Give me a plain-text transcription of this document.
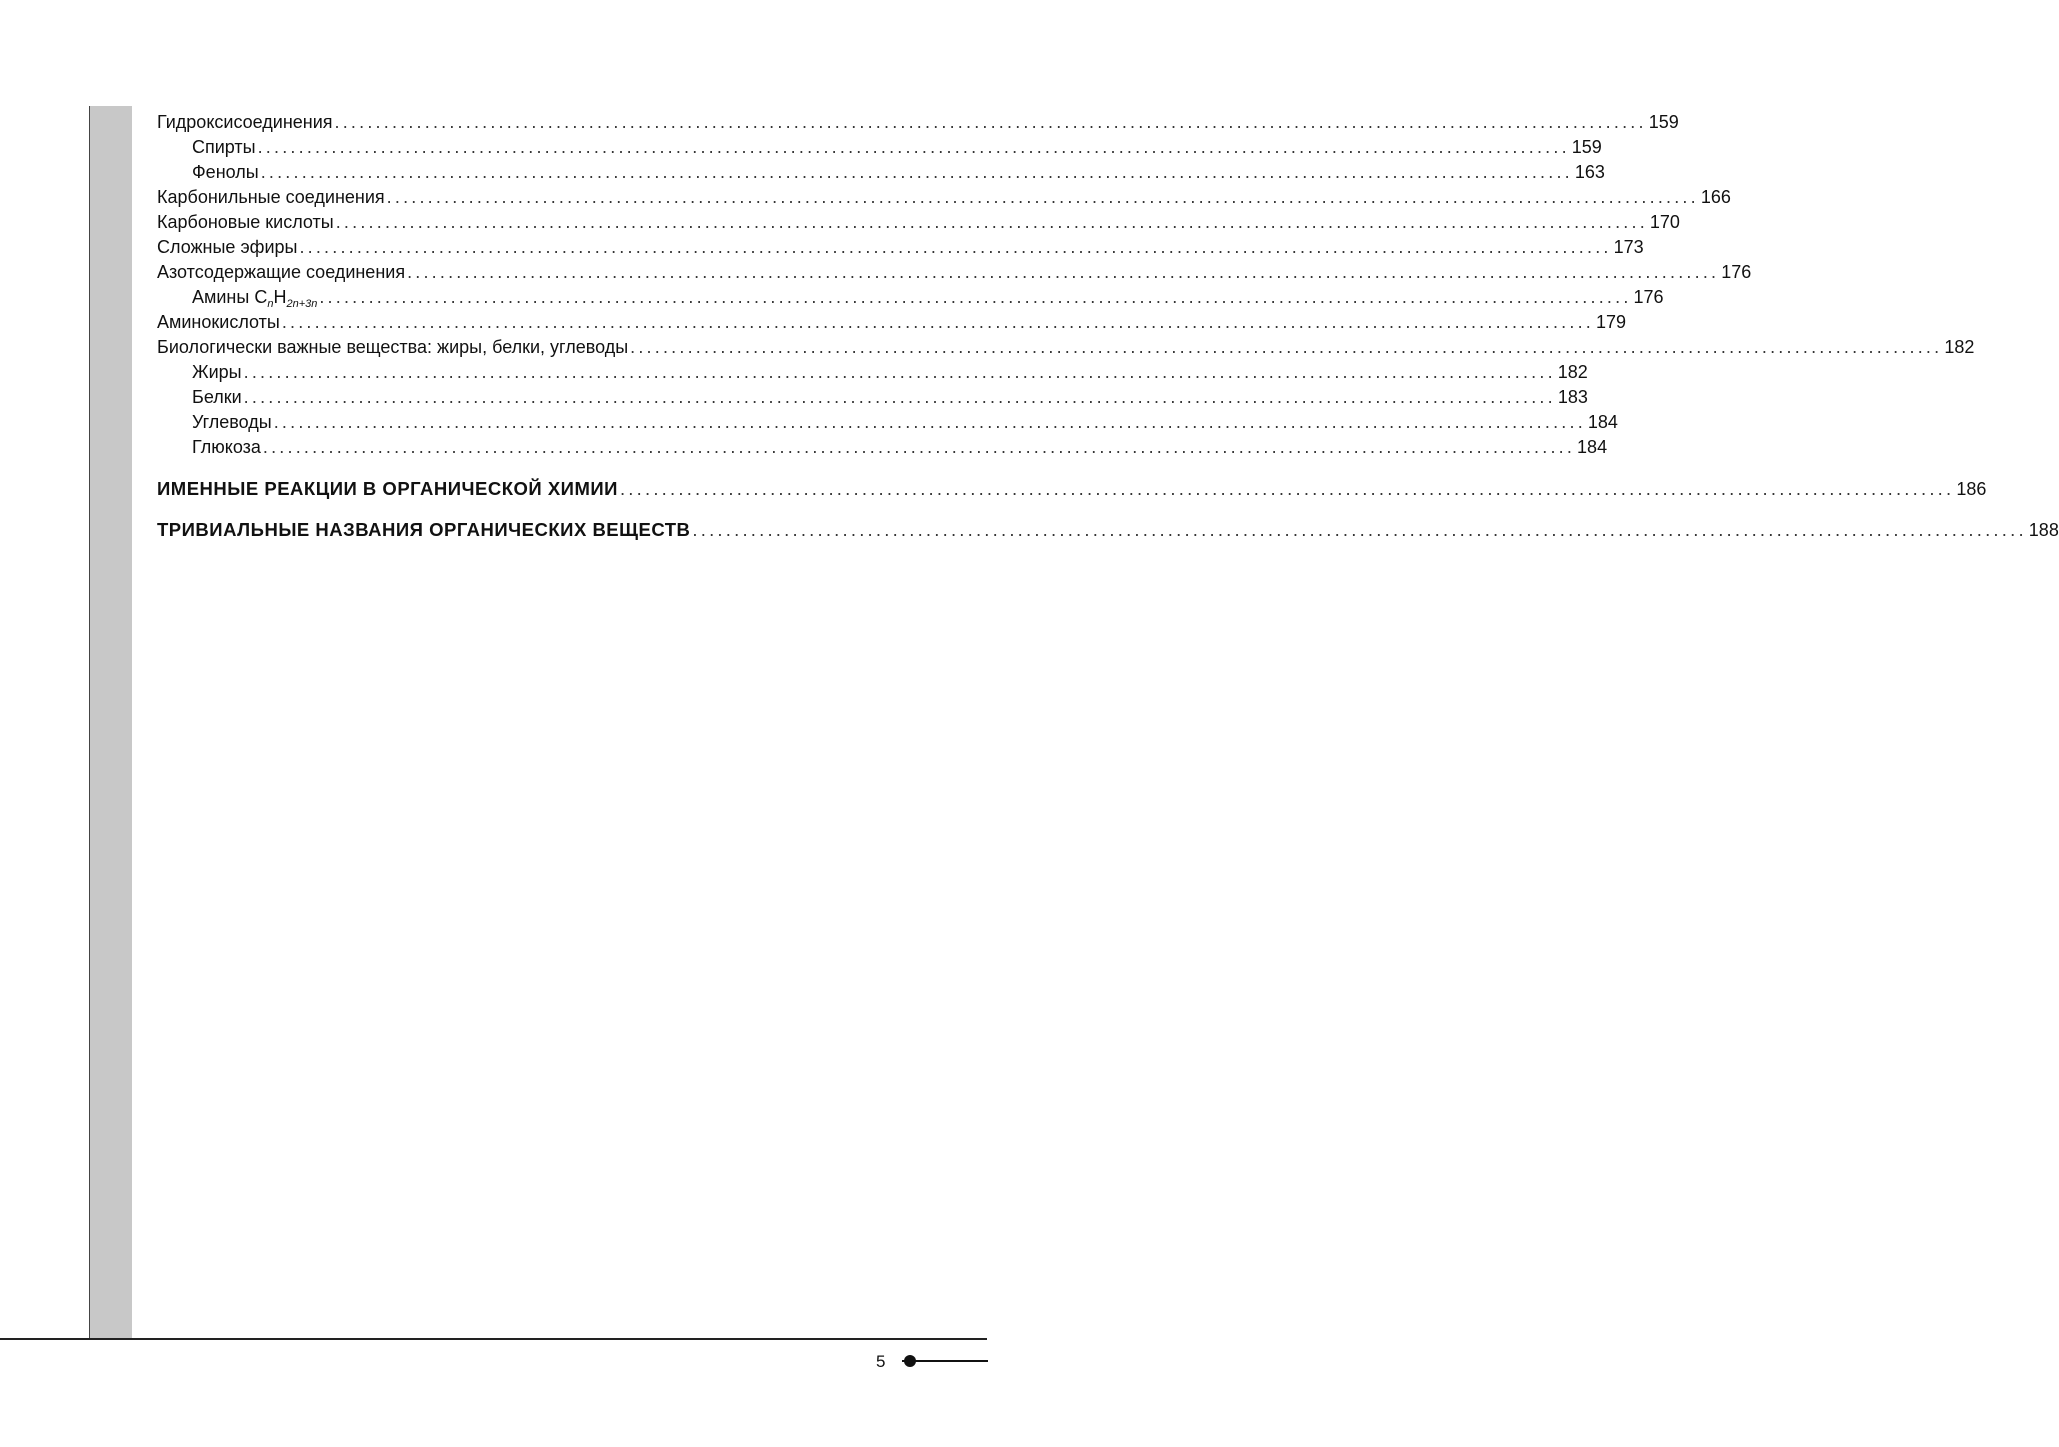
Гидроксисоединения ................................................................................................................................................................ 159
Спирты ................................................................................................................................................................ 159
Фенолы ................................................................................................................................................................ 163
Карбонильные соединения ................................................................................................................................................................ 166
Карбоновые кислоты ................................................................................................................................................................ 170
Сложные эфиры ................................................................................................................................................................ 173
Азотсодержащие соединения ................................................................................................................................................................ 176
Амины $C_nH_{2n+3n}$ ................................................................................................................................................................ 176
Аминокислоты ................................................................................................................................................................ 179
Биологически важные вещества: жиры, белки, углеводы ................................................................................................................................................................ 182
Жиры ................................................................................................................................................................ 182
Белки ................................................................................................................................................................ 183
Углеводы ................................................................................................................................................................ 184
Глюкоза ................................................................................................................................................................ 184
ИМЕННЫЕ РЕАКЦИИ В ОРГАНИЧЕСКОЙ ХИМИИ ................................................................................................................................................................ 186
ТРИВИАЛЬНЫЕ НАЗВАНИЯ ОРГАНИЧЕСКИХ ВЕЩЕСТВ ................................................................................................................................................................ 188
5
